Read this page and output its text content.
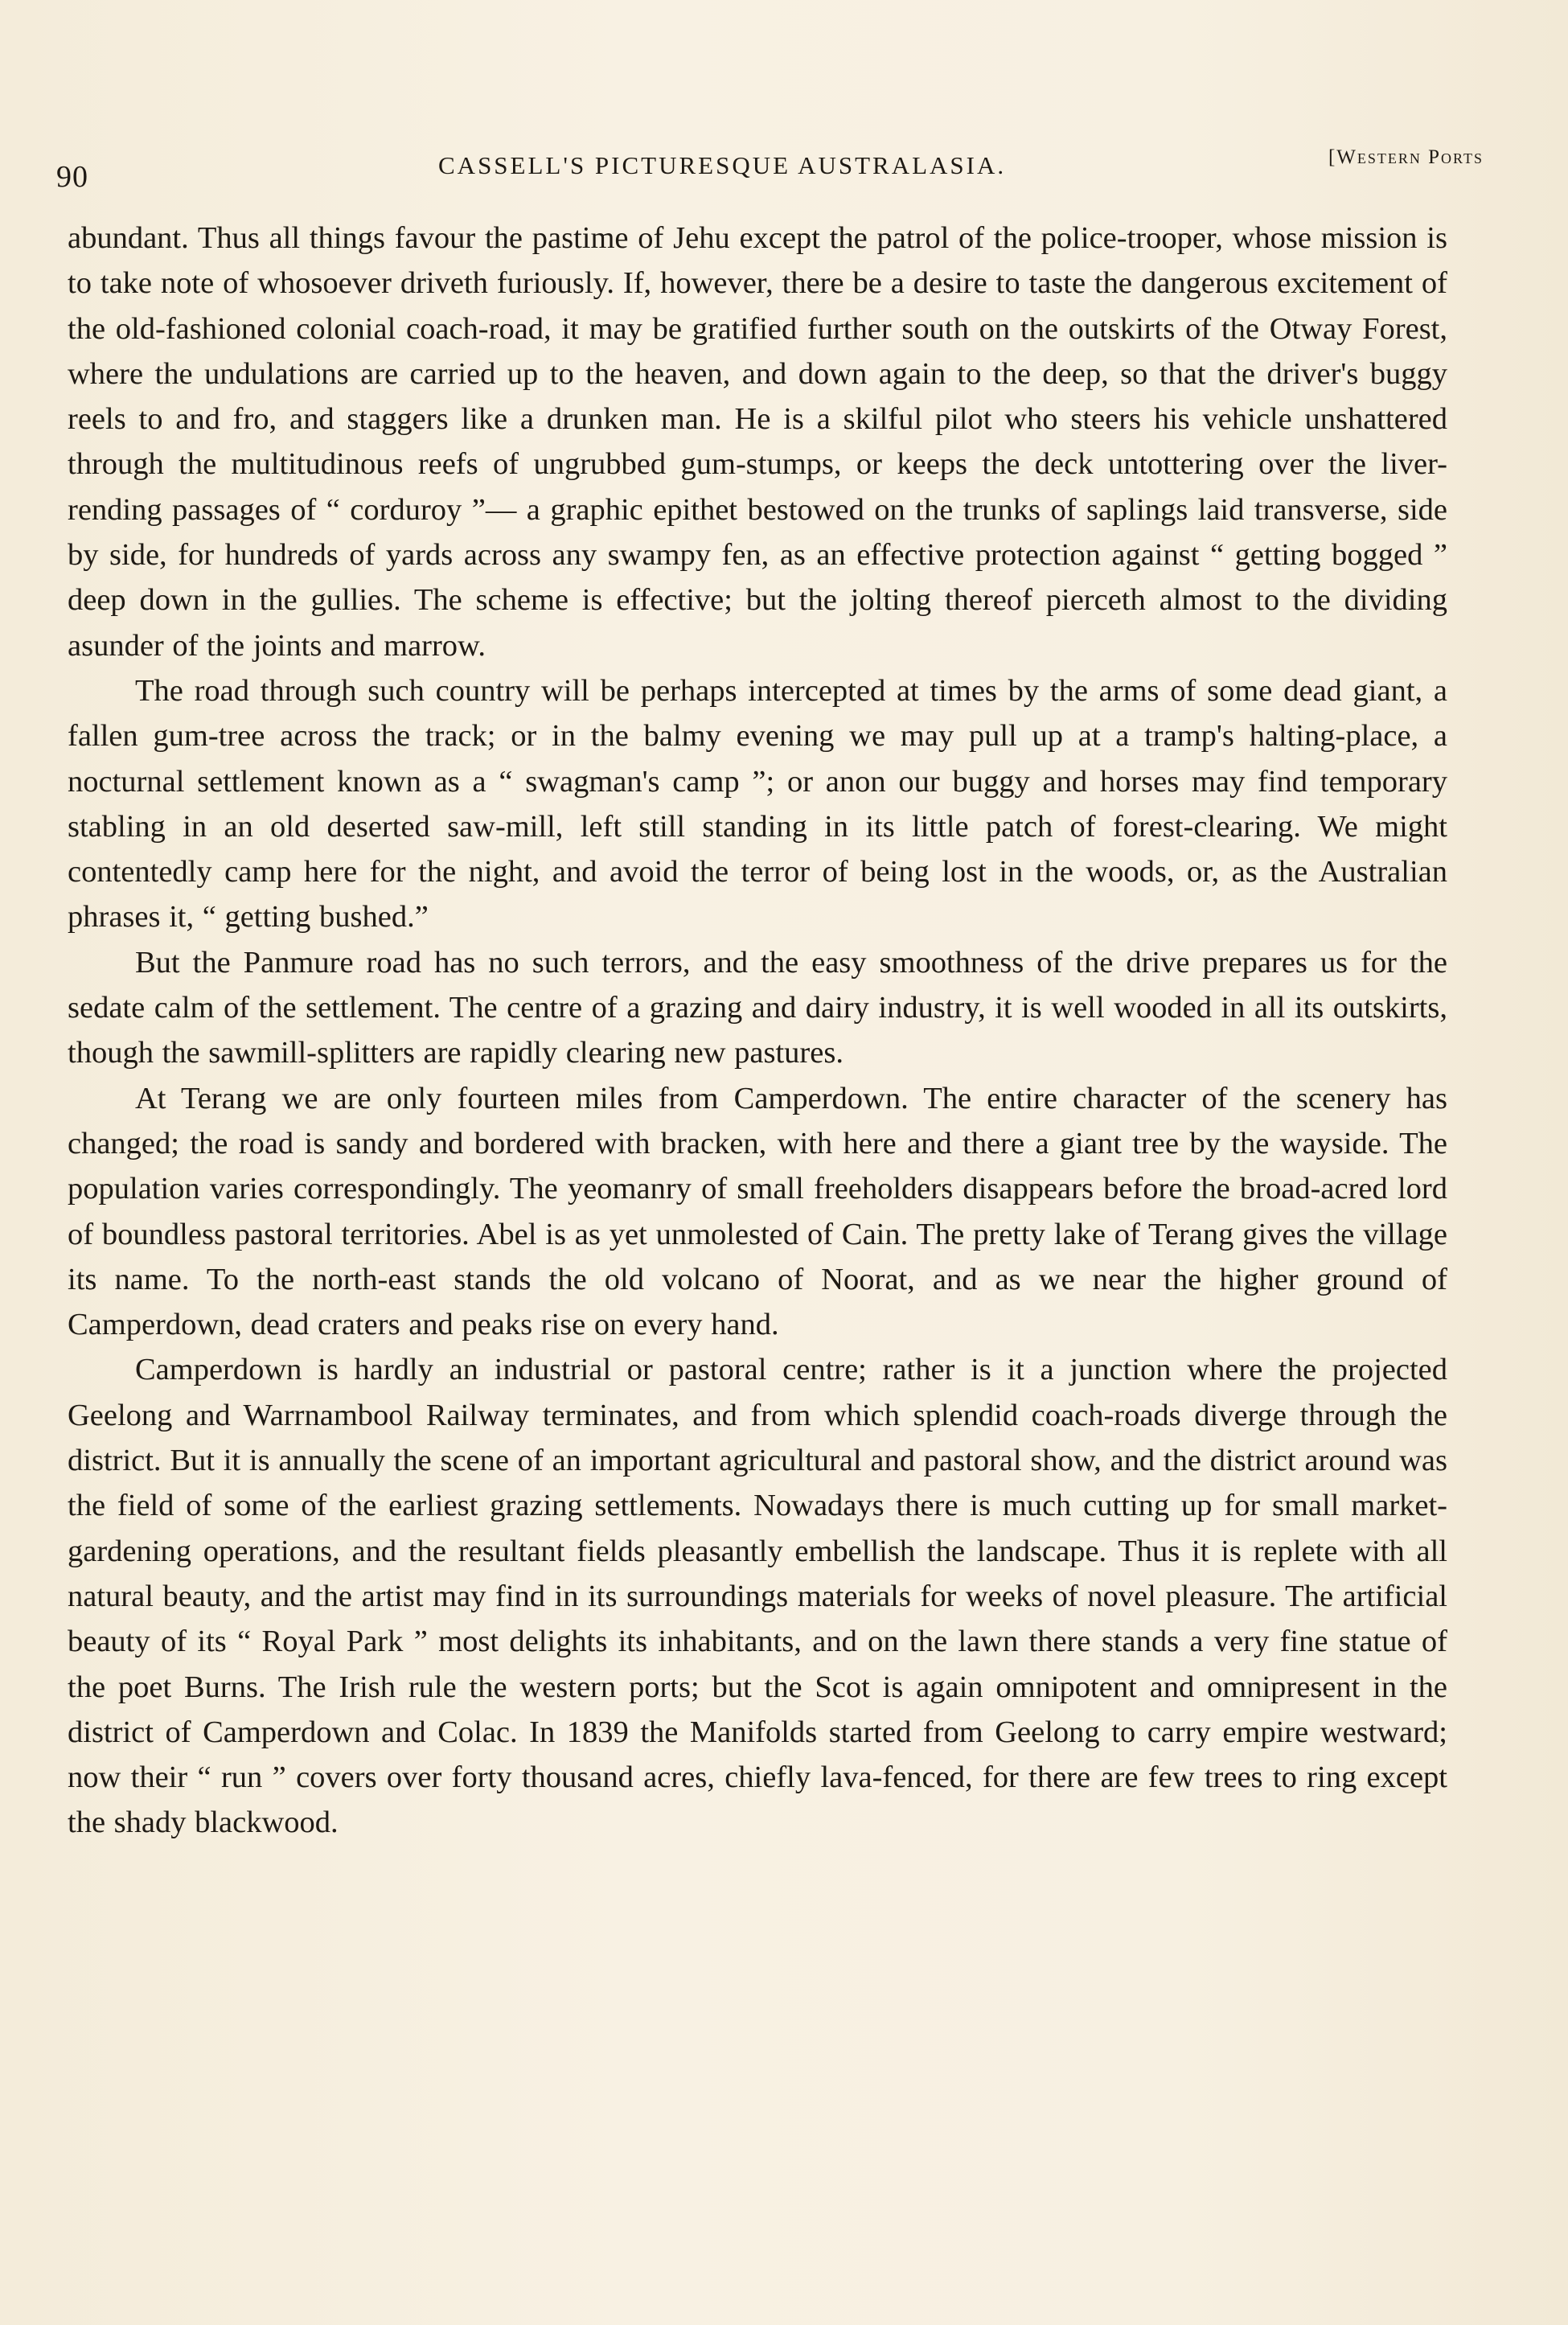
90	CASSELL'S PICTURESQUE AUSTRALASIA.	[Western Ports

abundant. Thus all things favour the pastime of Jehu except the patrol of the police-trooper, whose mission is to take note of whosoever driveth furiously. If, however, there be a desire to taste the dangerous excitement of the old-fashioned colonial coach-road, it may be gratified further south on the outskirts of the Otway Forest, where the undulations are carried up to the heaven, and down again to the deep, so that the driver's buggy reels to and fro, and staggers like a drunken man. He is a skilful pilot who steers his vehicle unshattered through the multitudinous reefs of ungrubbed gum-stumps, or keeps the deck untottering over the liver-rending passages of “ corduroy ”— a graphic epithet bestowed on the trunks of saplings laid transverse, side by side, for hundreds of yards across any swampy fen, as an effective protection against “ getting bogged ” deep down in the gullies. The scheme is effective; but the jolting thereof pierceth almost to the dividing asunder of the joints and marrow.

The road through such country will be perhaps intercepted at times by the arms of some dead giant, a fallen gum-tree across the track; or in the balmy evening we may pull up at a tramp's halting-place, a nocturnal settlement known as a “ swagman's camp ”; or anon our buggy and horses may find temporary stabling in an old deserted saw-mill, left still standing in its little patch of forest-clearing. We might contentedly camp here for the night, and avoid the terror of being lost in the woods, or, as the Australian phrases it, “ getting bushed.”

But the Panmure road has no such terrors, and the easy smoothness of the drive prepares us for the sedate calm of the settlement. The centre of a grazing and dairy industry, it is well wooded in all its outskirts, though the sawmill-splitters are rapidly clearing new pastures.

At Terang we are only fourteen miles from Camperdown. The entire character of the scenery has changed; the road is sandy and bordered with bracken, with here and there a giant tree by the wayside. The population varies correspondingly. The yeomanry of small freeholders disappears before the broad-acred lord of boundless pastoral territories. Abel is as yet unmolested of Cain. The pretty lake of Terang gives the village its name. To the north-east stands the old volcano of Noorat, and as we near the higher ground of Camperdown, dead craters and peaks rise on every hand.

Camperdown is hardly an industrial or pastoral centre; rather is it a junction where the projected Geelong and Warrnambool Railway terminates, and from which splendid coach-roads diverge through the district. But it is annually the scene of an important agricultural and pastoral show, and the district around was the field of some of the earliest grazing settlements. Nowadays there is much cutting up for small market-gardening operations, and the resultant fields pleasantly embellish the landscape. Thus it is replete with all natural beauty, and the artist may find in its surroundings materials for weeks of novel pleasure. The artificial beauty of its “ Royal Park ” most delights its inhabitants, and on the lawn there stands a very fine statue of the poet Burns. The Irish rule the western ports; but the Scot is again omnipotent and omnipresent in the district of Camperdown and Colac. In 1839 the Manifolds started from Geelong to carry empire westward; now their “ run ” covers over forty thousand acres, chiefly lava-fenced, for there are few trees to ring except the shady blackwood.
